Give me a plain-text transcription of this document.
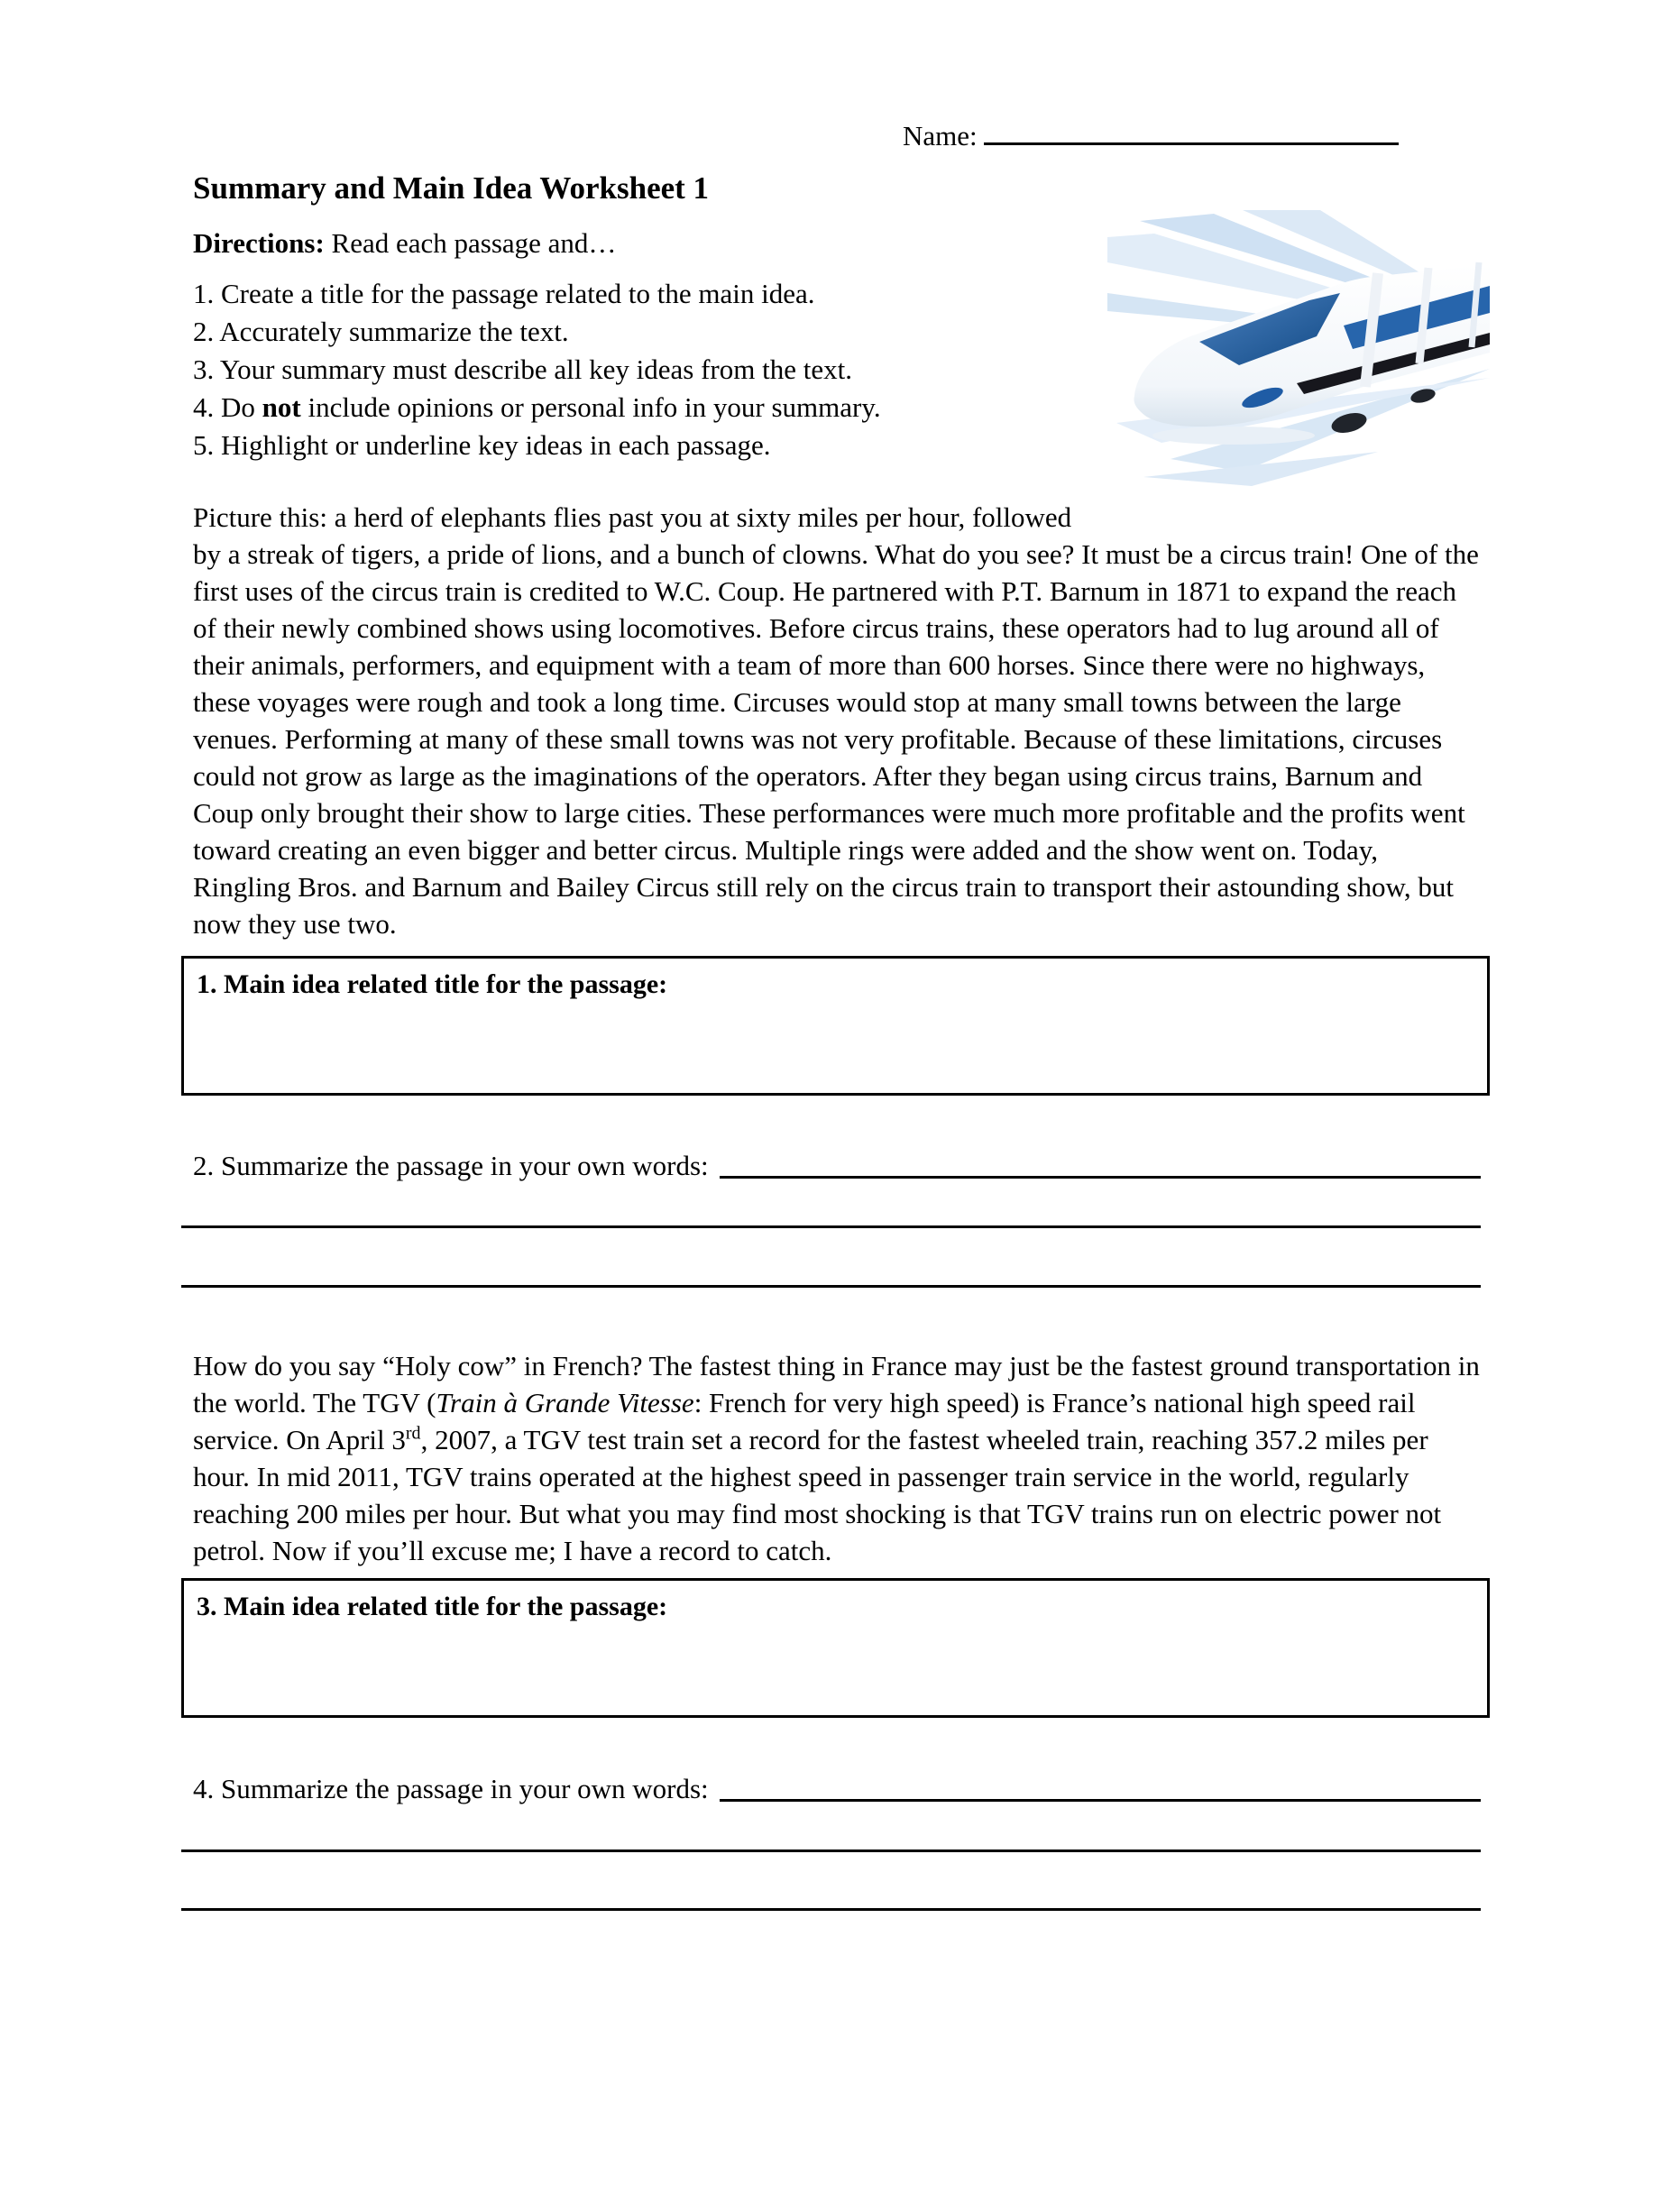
Name:
Summary and Main Idea Worksheet 1

Directions: Read each passage and…

1. Create a title for the passage related to the main idea.
2. Accurately summarize the text.
3. Your summary must describe all key ideas from the text.
4. Do not include opinions or personal info in your summary.
5. Highlight or underline key ideas in each passage.

Picture this: a herd of elephants flies past you at sixty miles per hour, followed by a streak of tigers, a pride of lions, and a bunch of clowns. What do you see? It must be a circus train! One of the first uses of the circus train is credited to W.C. Coup. He partnered with P.T. Barnum in 1871 to expand the reach of their newly combined shows using locomotives. Before circus trains, these operators had to lug around all of their animals, performers, and equipment with a team of more than 600 horses. Since there were no highways, these voyages were rough and took a long time. Circuses would stop at many small towns between the large venues. Performing at many of these small towns was not very profitable. Because of these limitations, circuses could not grow as large as the imaginations of the operators. After they began using circus trains, Barnum and Coup only brought their show to large cities. These performances were much more profitable and the profits went toward creating an even bigger and better circus. Multiple rings were added and the show went on. Today, Ringling Bros. and Barnum and Bailey Circus still rely on the circus train to transport their astounding show, but now they use two.

1. Main idea related title for the passage:
2. Summarize the passage in your own words:

How do you say “Holy cow” in French? The fastest thing in France may just be the fastest ground transportation in the world. The TGV (Train à Grande Vitesse: French for very high speed) is France’s national high speed rail service. On April 3rd, 2007, a TGV test train set a record for the fastest wheeled train, reaching 357.2 miles per hour. In mid 2011, TGV trains operated at the highest speed in passenger train service in the world, regularly reaching 200 miles per hour. But what you may find most shocking is that TGV trains run on electric power not petrol. Now if you’ll excuse me; I have a record to catch.

3. Main idea related title for the passage:
4. Summarize the passage in your own words:
